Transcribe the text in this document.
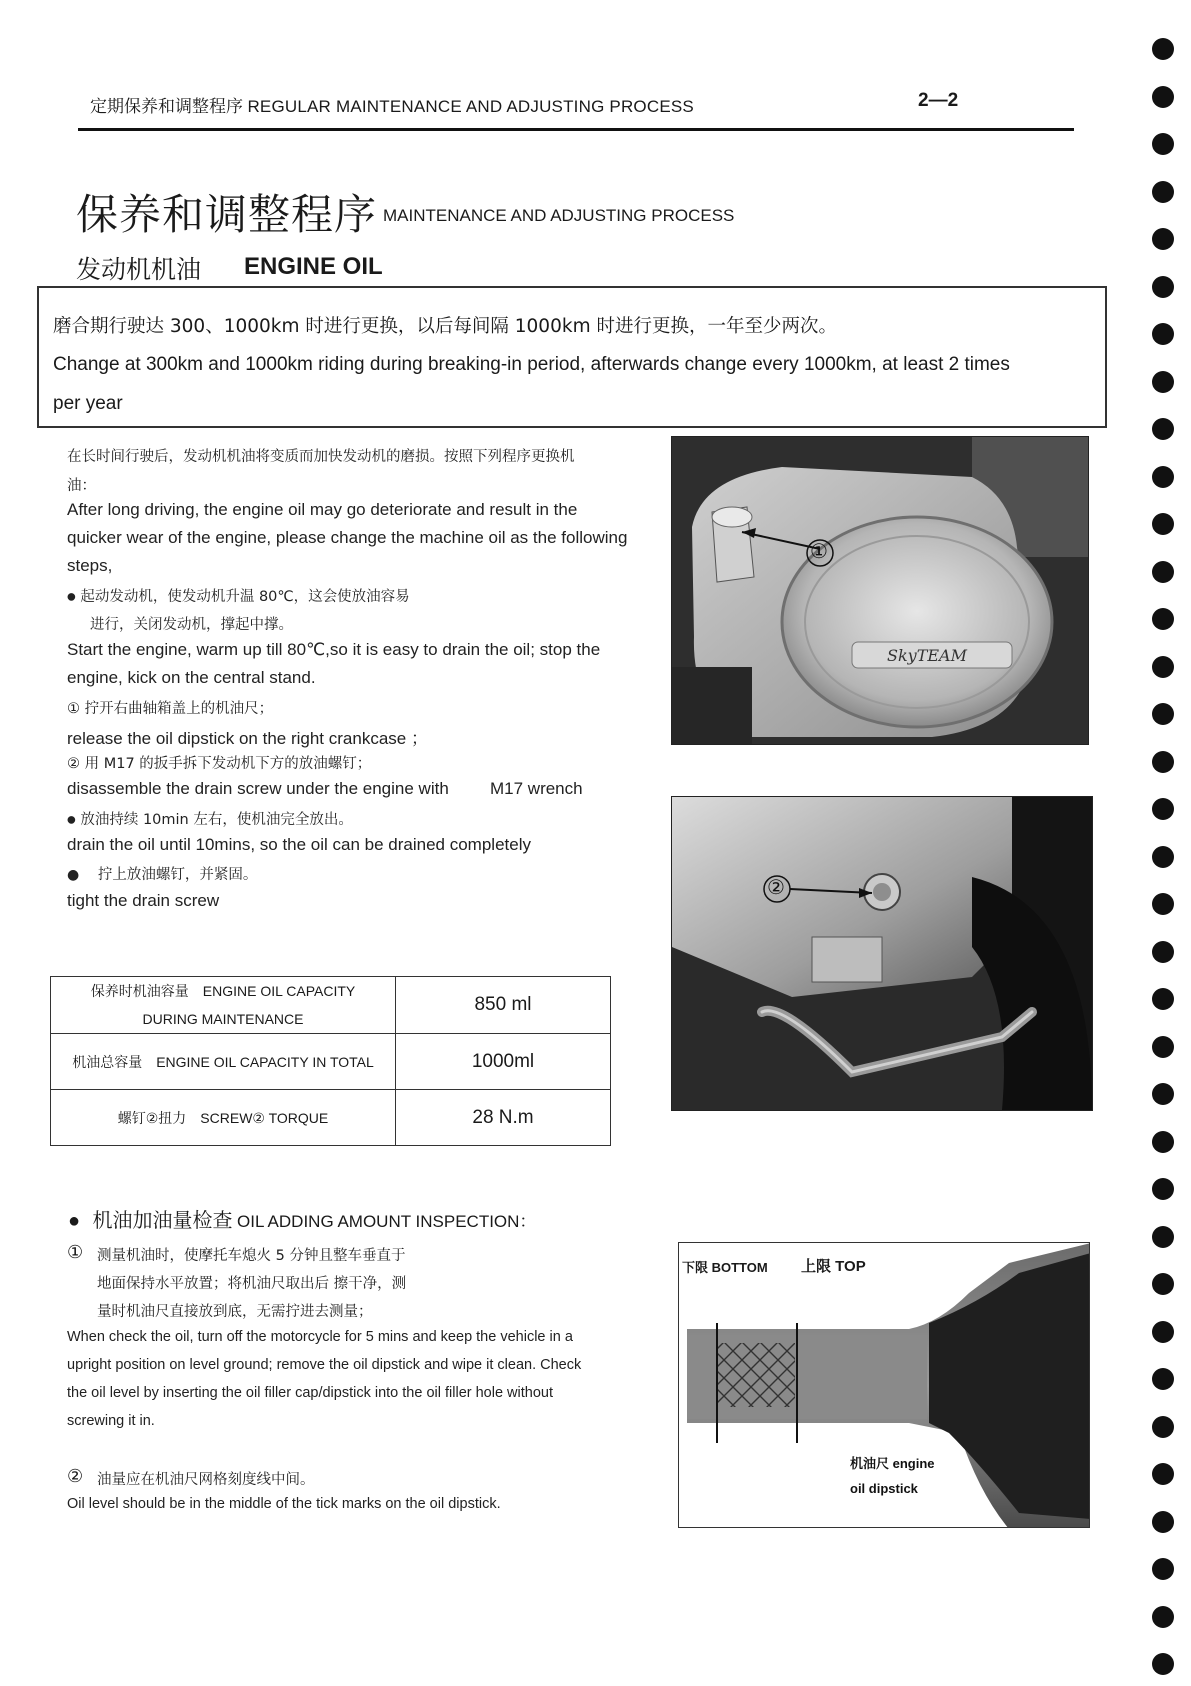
定期保养和调整程序 REGULAR MAINTENANCE AND ADJUSTING PROCESS	2—2
保养和调整程序 MAINTENANCE AND ADJUSTING PROCESS
发动机机油 ENGINE OIL

磨合期行驶达 300、1000km 时进行更换，以后每间隔 1000km 时进行更换，一年至少两次。

Change at 300km and 1000km riding during breaking-in period, afterwards change every 1000km, at least 2 times

per year

在长时间行驶后，发动机机油将变质而加快发动机的磨损。按照下列程序更换机
油：
After long driving, the engine oil may go deteriorate and result in the
quicker wear of the engine, please change the machine oil as the following
steps,
● 起动发动机，使发动机升温 80℃，这会使放油容易
进行，关闭发动机，撑起中撑。
Start the engine, warm up till 80℃,so it is easy to drain the oil; stop the
engine, kick on the central stand.
① 拧开右曲轴箱盖上的机油尺；
release the oil dipstick on the right crankcase ；
② 用 M17 的扳手拆下发动机下方的放油螺钉；
disassemble the drain screw under the engine with M17 wrench
● 放油持续 10min 左右，使机油完全放出。
drain the oil until 10mins, so the oil can be drained completely
● 拧上放油螺钉，并紧固。
tight the drain screw
SkyTEAM
①
②
保养时机油容量　ENGINE OIL CAPACITY
DURING MAINTENANCE	850 ml
机油总容量　ENGINE OIL CAPACITY IN TOTAL	1000ml
螺钉②扭力　SCREW② TORQUE	28 N.m
● 机油加油量检查 OIL ADDING AMOUNT INSPECTION：
① 测量机油时，使摩托车熄火 5 分钟且整车垂直于
地面保持水平放置；将机油尺取出后 擦干净，测
量时机油尺直接放到底，无需拧进去测量；
When check the oil, turn off the motorcycle for 5 mins and keep the vehicle in a
upright position on level ground; remove the oil dipstick and wipe it clean. Check
the oil level by inserting the oil filler cap/dipstick into the oil filler hole without
screwing it in.
② 油量应在机油尺网格刻度线中间。
Oil level should be in the middle of the tick marks on the oil dipstick.
下限 BOTTOM 上限 TOP
机油尺 engine
oil dipstick
